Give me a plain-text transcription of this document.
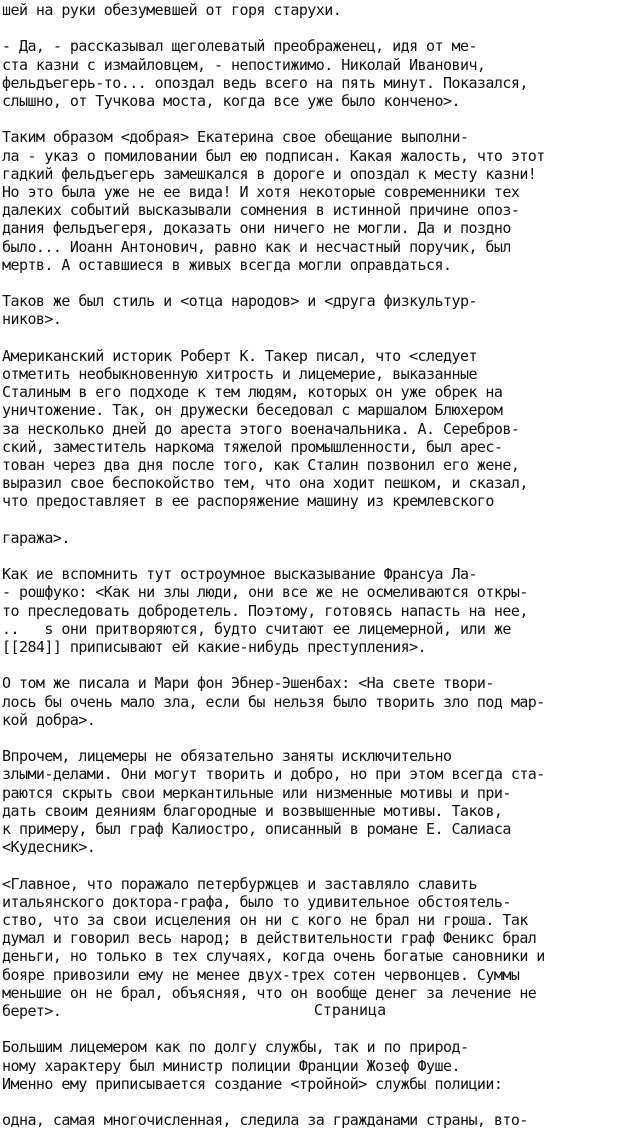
шей на руки обезумевшей от горя старухи.
- Да, - рассказывал щеголеватый преображенец, идя от ме-
ста казни с измайловцем, - непостижимо. Николай Иванович,
фельдъегерь-то... опоздал ведь всего на пять минут. Показался,
слышно, от Тучкова моста, когда все уже было кончено>.
Таким образом <добрая> Екатерина свое обещание выполни-
ла - указ о помиловании был ею подписан. Какая жалость, что этот
гадкий фельдъегерь замешкался в дороге и опоздал к месту казни!
Но это была уже не ее вида! И хотя некоторые современники тех
далеких событий высказывали сомнения в истинной причине опоз-
дания фельдъегеря, доказать они ничего не могли. Да и поздно
было... Иоанн Антонович, равно как и несчастный поручик, был
мертв. А оставшиеся в живых всегда могли оправдаться.
Таков же был стиль и <отца народов> и <друга физкультур-
ников>.
Американский историк Роберт К. Такер писал, что <следует
отметить необыкновенную хитрость и лицемерие, выказанные
Сталиным в его подходе к тем людям, которых он уже обрек на
уничтожение. Так, он дружески беседовал с маршалом Блюхером
за несколько дней до ареста этого военачальника. А. Серебров-
ский, заместитель наркома тяжелой промышленности, был арес-
тован через два дня после того, как Сталин позвонил его жене,
выразил свое беспокойство тем, что она ходит пешком, и сказал,
что предоставляет в ее распоряжение машину из кремлевского
гаража>.
Как ие вспомнить тут остроумное высказывание Франсуа Ла-
- рошфуко: <Как ни злы люди, они все же не осмеливаются откры-
то преследовать добродетель. Поэтому, готовясь напасть на нее,
..   s они притворяются, будто считают ее лицемерной, или же
[[284]] приписывают ей какие-нибудь преступления>.
О том же писала и Мари фон Эбнер-Эшенбах: <На свете твори-
лось бы очень мало зла, если бы нельзя было творить зло под мар-
кой добра>.
Впрочем, лицемеры не обязательно заняты исключительно
злыми-делами. Они могут творить и добро, но при этом всегда ста-
раются скрыть свои меркантильные или низменные мотивы и при-
дать своим деяниям благородные и возвышенные мотивы. Таков,
к примеру, был граф Калиостро, описанный в романе Е. Салиаса
<Кудесник>.
<Главное, что поражало петербуржцев и заставляло славить
итальянского доктора-графа, было то удивительное обстоятель-
ство, что за свои исцеления он ни с кого не брал ни гроша. Так
думал и говорил весь народ; в действительности граф Феникс брал
деньги, но только в тех случаях, когда очень богатые сановники и
бояре привозили ему не менее двух-трех сотен червонцев. Суммы
меньшие он не брал, объясняя, что он вообще денег за лечение не
берет>.
Большим лицемером как по долгу службы, так и по природ-
ному характеру был министр полиции Франции Жозеф Фуше.
Именно ему приписывается создание <тройной> службы полиции:
одна, самая многочисленная, следила за гражданами страны, вто-
Страница
